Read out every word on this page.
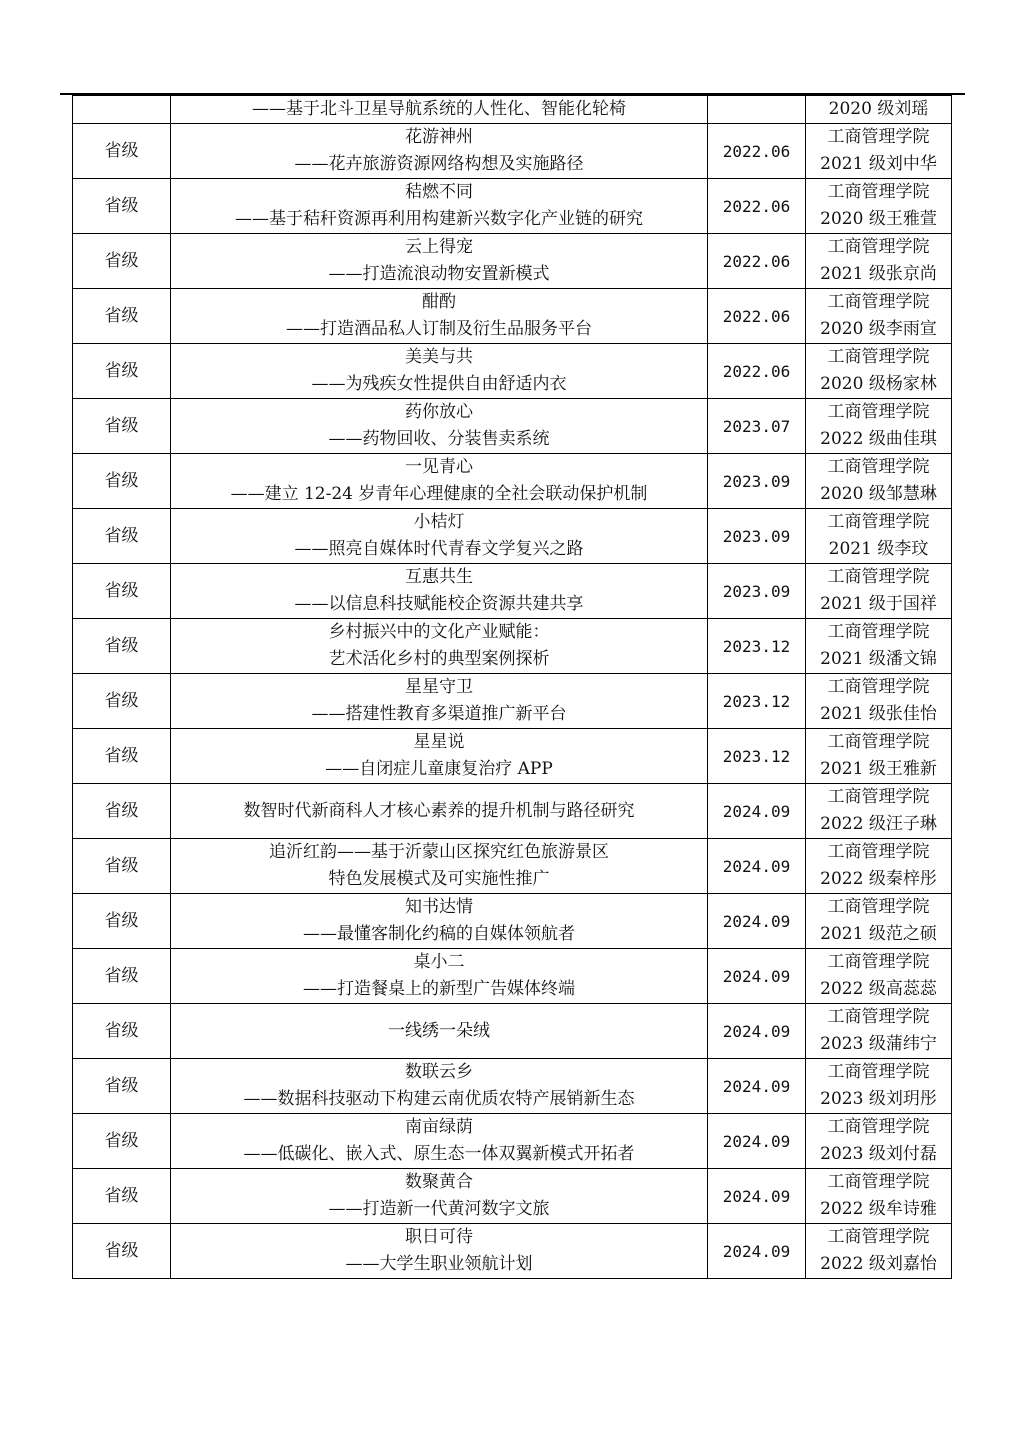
	——基于北斗卫星导航系统的人性化、智能化轮椅		2020 级刘瑶

省级	花游神州
——花卉旅游资源网络构想及实施路径	2022.06	工商管理学院
2021 级刘中华

省级	秸燃不同
——基于秸秆资源再利用构建新兴数字化产业链的研究	2022.06	工商管理学院
2020 级王雅萱

省级	云上得宠
——打造流浪动物安置新模式	2022.06	工商管理学院
2021 级张京尚

省级	酣酌
——打造酒品私人订制及衍生品服务平台	2022.06	工商管理学院
2020 级李雨宣

省级	美美与共
——为残疾女性提供自由舒适内衣	2022.06	工商管理学院
2020 级杨家林

省级	药你放心
——药物回收、分装售卖系统	2023.07	工商管理学院
2022 级曲佳琪

省级	一见青心
——建立 12-24 岁青年心理健康的全社会联动保护机制	2023.09	工商管理学院
2020 级邹慧琳

省级	小桔灯
——照亮自媒体时代青春文学复兴之路	2023.09	工商管理学院
2021 级李玟

省级	互惠共生
——以信息科技赋能校企资源共建共享	2023.09	工商管理学院
2021 级于国祥

省级	乡村振兴中的文化产业赋能：
艺术活化乡村的典型案例探析	2023.12	工商管理学院
2021 级潘文锦

省级	星星守卫
——搭建性教育多渠道推广新平台	2023.12	工商管理学院
2021 级张佳怡

省级	星星说
——自闭症儿童康复治疗 APP	2023.12	工商管理学院
2021 级王雅新

省级	数智时代新商科人才核心素养的提升机制与路径研究	2024.09	工商管理学院
2022 级汪子琳

省级	追沂红韵——基于沂蒙山区探究红色旅游景区
特色发展模式及可实施性推广	2024.09	工商管理学院
2022 级秦梓彤

省级	知书达情
——最懂客制化约稿的自媒体领航者	2024.09	工商管理学院
2021 级范之硕

省级	桌小二
——打造餐桌上的新型广告媒体终端	2024.09	工商管理学院
2022 级高蕊蕊

省级	一线绣一朵绒	2024.09	工商管理学院
2023 级蒲纬宁

省级	数联云乡
——数据科技驱动下构建云南优质农特产展销新生态	2024.09	工商管理学院
2023 级刘玥彤

省级	南亩绿荫
——低碳化、嵌入式、原生态一体双翼新模式开拓者	2024.09	工商管理学院
2023 级刘付磊

省级	数聚黄合
——打造新一代黄河数字文旅	2024.09	工商管理学院
2022 级牟诗雅

省级	职日可待
——大学生职业领航计划	2024.09	工商管理学院
2022 级刘嘉怡
